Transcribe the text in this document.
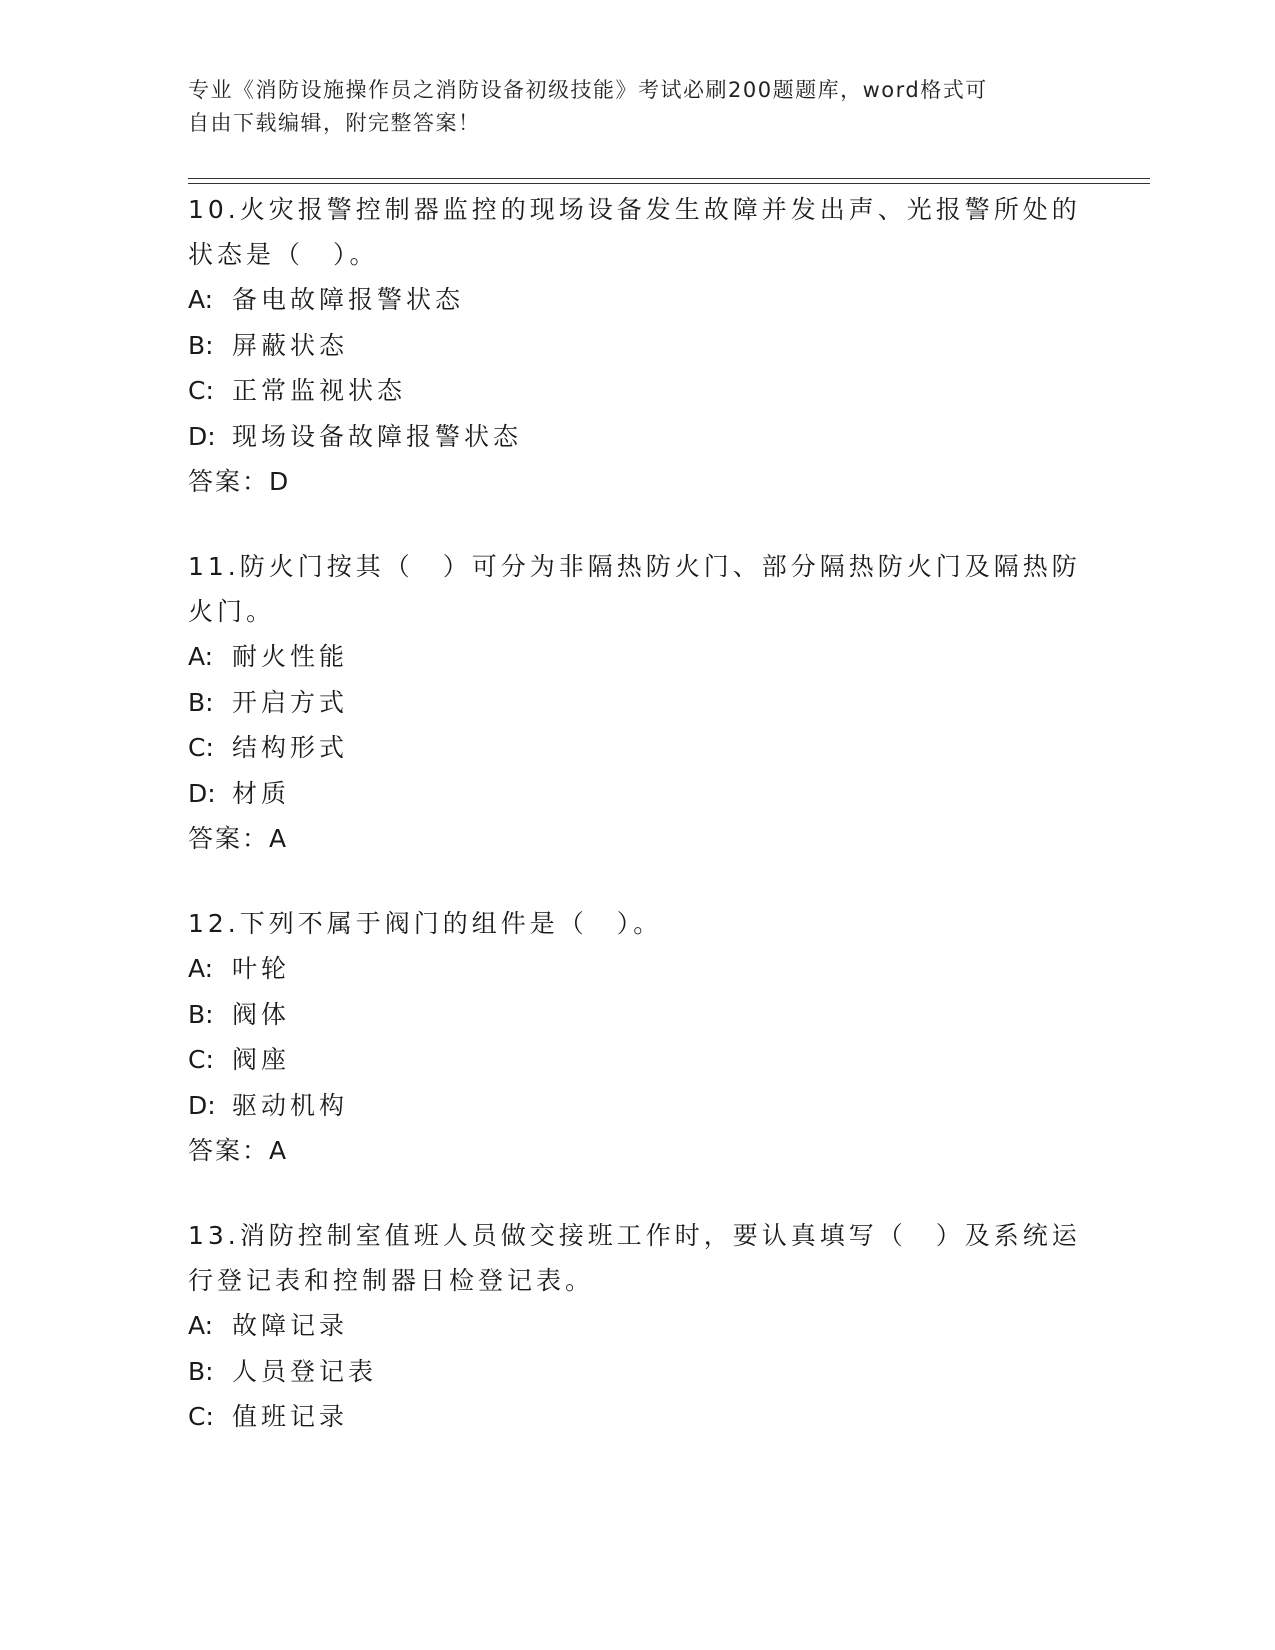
专业《消防设施操作员之消防设备初级技能》考试必刷200题题库，word格式可
自由下载编辑，附完整答案！

10.火灾报警控制器监控的现场设备发生故障并发出声、光报警所处的状态是（　）。

A: 备电故障报警状态

B: 屏蔽状态

C: 正常监视状态

D: 现场设备故障报警状态

答案：D

11.防火门按其（　）可分为非隔热防火门、部分隔热防火门及隔热防火门。

A: 耐火性能

B: 开启方式

C: 结构形式

D: 材质

答案：A

12.下列不属于阀门的组件是（　）。

A: 叶轮

B: 阀体

C: 阀座

D: 驱动机构

答案：A

13.消防控制室值班人员做交接班工作时，要认真填写（　）及系统运行登记表和控制器日检登记表。

A: 故障记录

B: 人员登记表

C: 值班记录
